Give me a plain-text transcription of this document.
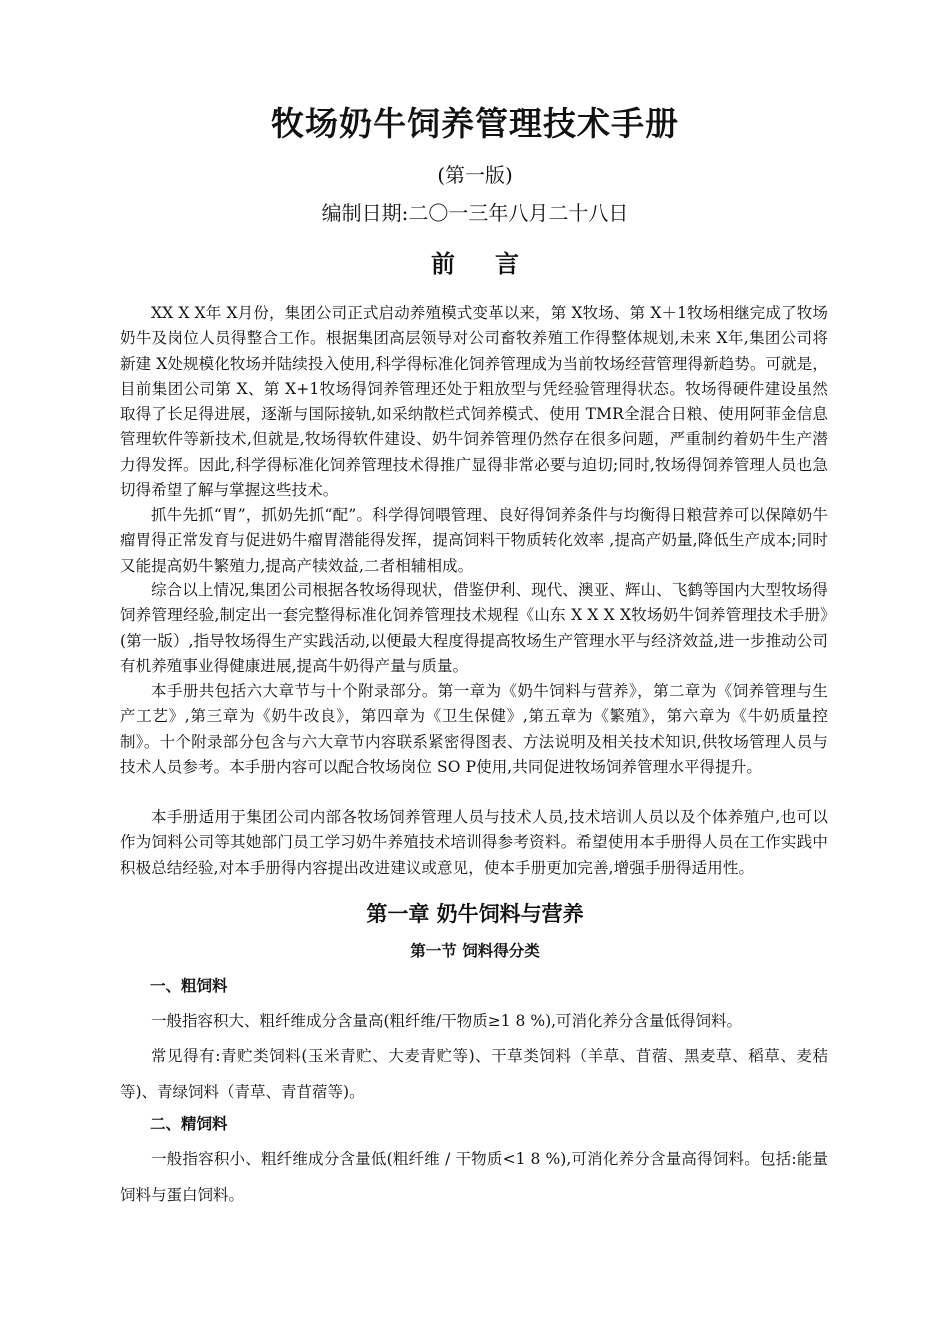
牧场奶牛饲养管理技术手册
(第一版)
编制日期:二〇一三年八月二十八日
前言

XX X X年 X月份，集团公司正式启动养殖模式变革以来，第 X牧场、第 X＋1牧场相继完成了牧场奶牛及岗位人员得整合工作。根据集团高层领导对公司畜牧养殖工作得整体规划,未来 X年,集团公司将新建 X处规模化牧场并陆续投入使用,科学得标准化饲养管理成为当前牧场经营管理得新趋势。可就是，目前集团公司第 X、第 X+1牧场得饲养管理还处于粗放型与凭经验管理得状态。牧场得硬件建设虽然取得了长足得进展，逐渐与国际接轨,如采纳散栏式饲养模式、使用 TMR全混合日粮、使用阿菲金信息管理软件等新技术,但就是,牧场得软件建设、奶牛饲养管理仍然存在很多问题，严重制约着奶牛生产潜力得发挥。因此,科学得标准化饲养管理技术得推广显得非常必要与迫切;同时,牧场得饲养管理人员也急切得希望了解与掌握这些技术。

抓牛先抓“胃”，抓奶先抓“配”。科学得饲喂管理、良好得饲养条件与均衡得日粮营养可以保障奶牛瘤胃得正常发育与促进奶牛瘤胃潜能得发挥，提高饲料干物质转化效率 ,提高产奶量,降低生产成本;同时又能提高奶牛繁殖力,提高产犊效益,二者相辅相成。

综合以上情况,集团公司根据各牧场得现状，借鉴伊利、现代、澳亚、辉山、飞鹤等国内大型牧场得饲养管理经验,制定出一套完整得标准化饲养管理技术规程《山东 X X X X牧场奶牛饲养管理技术手册》(第一版）,指导牧场得生产实践活动,以便最大程度得提高牧场生产管理水平与经济效益,进一步推动公司有机养殖事业得健康进展,提高牛奶得产量与质量。

本手册共包括六大章节与十个附录部分。第一章为《奶牛饲料与营养》，第二章为《饲养管理与生产工艺》,第三章为《奶牛改良》，第四章为《卫生保健》,第五章为《繁殖》，第六章为《牛奶质量控制》。十个附录部分包含与六大章节内容联系紧密得图表、方法说明及相关技术知识,供牧场管理人员与技术人员参考。本手册内容可以配合牧场岗位 SO P使用,共同促进牧场饲养管理水平得提升。

本手册适用于集团公司内部各牧场饲养管理人员与技术人员,技术培训人员以及个体养殖户,也可以作为饲料公司等其她部门员工学习奶牛养殖技术培训得参考资料。希望使用本手册得人员在工作实践中积极总结经验,对本手册得内容提出改进建议或意见，使本手册更加完善,增强手册得适用性。

第一章 奶牛饲料与营养
第一节 饲料得分类
一、粗饲料

一般指容积大、粗纤维成分含量高(粗纤维/干物质≥1 8 %),可消化养分含量低得饲料。

常见得有:青贮类饲料(玉米青贮、大麦青贮等)、干草类饲料（羊草、苜蓿、黑麦草、稻草、麦秸等)、青绿饲料（青草、青苜蓿等)。

二、精饲料

一般指容积小、粗纤维成分含量低(粗纤维 / 干物质<1 8 %),可消化养分含量高得饲料。包括:能量饲料与蛋白饲料。
